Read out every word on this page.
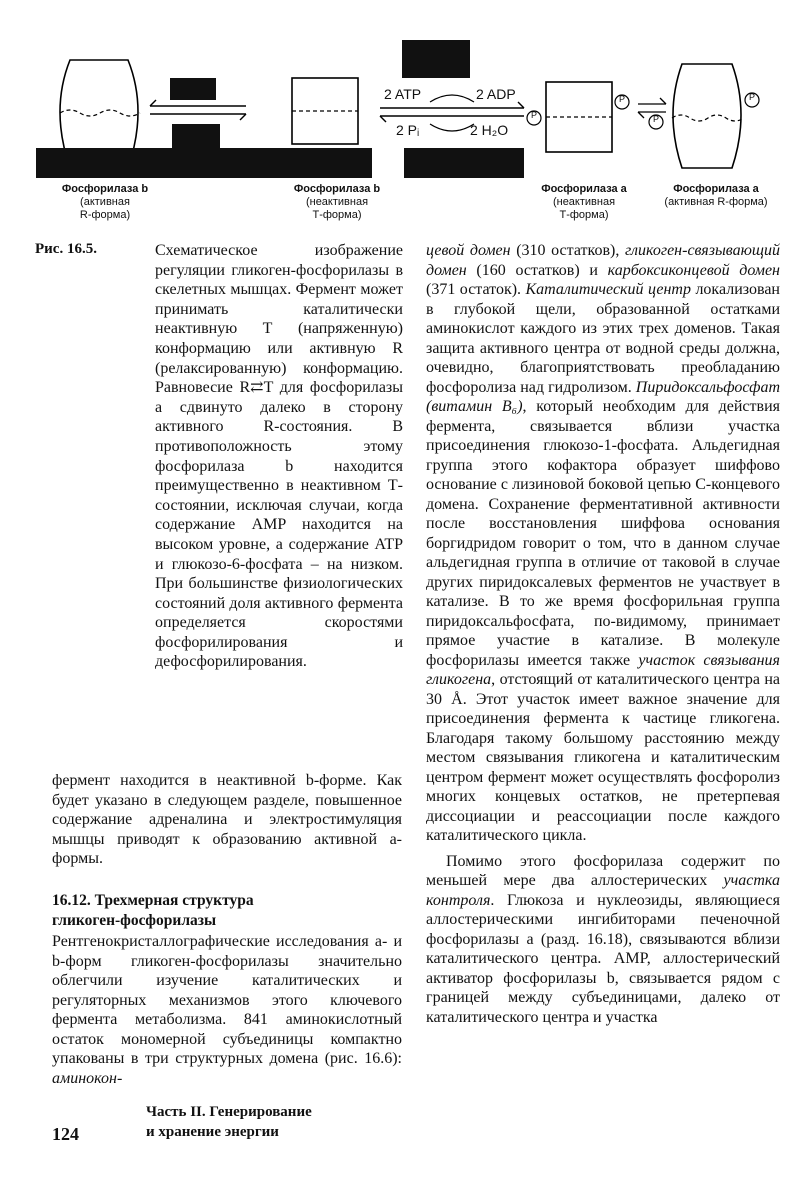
P
P	P
P
2 ATP	2 ADP
2 Pᵢ	2 H₂O
Фосфорилаза b
(активная
R-форма)
Фосфорилаза b
(неактивная
Т-форма)
Фосфорилаза a
(неактивная
Т-форма)
Фосфорилаза a
(активная R-форма)
Рис. 16.5.	Схематическое изображение регуляции гликоген-фосфорилазы в скелетных мышцах. Фермент может принимать каталитически неактивную Т (напряженную) конформацию или активную R (релаксированную) конформацию. Равновесие R⇄T для фосфорилазы a сдвинуто далеко в сторону активного R-состояния. В противоположность этому фосфорилаза b находится преимущественно в неактивном Т-состоянии, исключая случаи, когда содержание AMP находится на высоком уровне, а содержание ATP и глюкозо-6-фосфата – на низком. При большинстве физиологических состояний доля активного фермента определяется скоростями фосфорилирования и дефосфорилирования.
фермент находится в неактивной b-форме. Как будет указано в следующем разделе, повышенное содержание адреналина и электростимуляция мышцы приводят к образованию активной a-формы.
16.12. Трехмерная структура
гликоген-фосфорилазы
Рентгенокристаллографические исследования a- и b-форм гликоген-фосфорилазы значительно облегчили изучение каталитических и регуляторных механизмов этого ключевого фермента метаболизма. 841 аминокислотный остаток мономерной субъединицы компактно упакованы в три структурных домена (рис. 16.6): аминокон-

цевой домен (310 остатков), гликоген-связывающий домен (160 остатков) и карбоксиконцевой домен (371 остаток). Каталитический центр локализован в глубокой щели, образованной остатками аминокислот каждого из этих трех доменов. Такая защита активного центра от водной среды должна, очевидно, благоприятствовать преобладанию фосфоролиза над гидролизом. Пиридоксальфосфат (витамин B₆), который необходим для действия фермента, связывается вблизи участка присоединения глюкозо-1-фосфата. Альдегидная группа этого кофактора образует шиффово основание с лизиновой боковой цепью С-концевого домена. Сохранение ферментативной активности после восстановления шиффова основания боргидридом говорит о том, что в данном случае альдегидная группа в отличие от таковой в случае других пиридоксалевых ферментов не участвует в катализе. В то же время фосфорильная группа пиридоксальфосфата, по-видимому, принимает прямое участие в катализе. В молекуле фосфорилазы имеется также участок связывания гликогена, отстоящий от каталитического центра на 30 Å. Этот участок имеет важное значение для присоединения фермента к частице гликогена. Благодаря такому большому расстоянию между местом связывания гликогена и каталитическим центром фермент может осуществлять фосфоролиз многих концевых остатков, не претерпевая диссоциации и реассоциации после каждого каталитического цикла.

Помимо этого фосфорилаза содержит по меньшей мере два аллостерических участка контроля. Глюкоза и нуклеозиды, являющиеся аллостерическими ингибиторами печеночной фосфорилазы a (разд. 16.18), связываются вблизи каталитического центра. AMP, аллостерический активатор фосфорилазы b, связывается рядом с границей между субъединицами, далеко от каталитического центра и участка

Часть II. Генерирование
и хранение энергии
124
